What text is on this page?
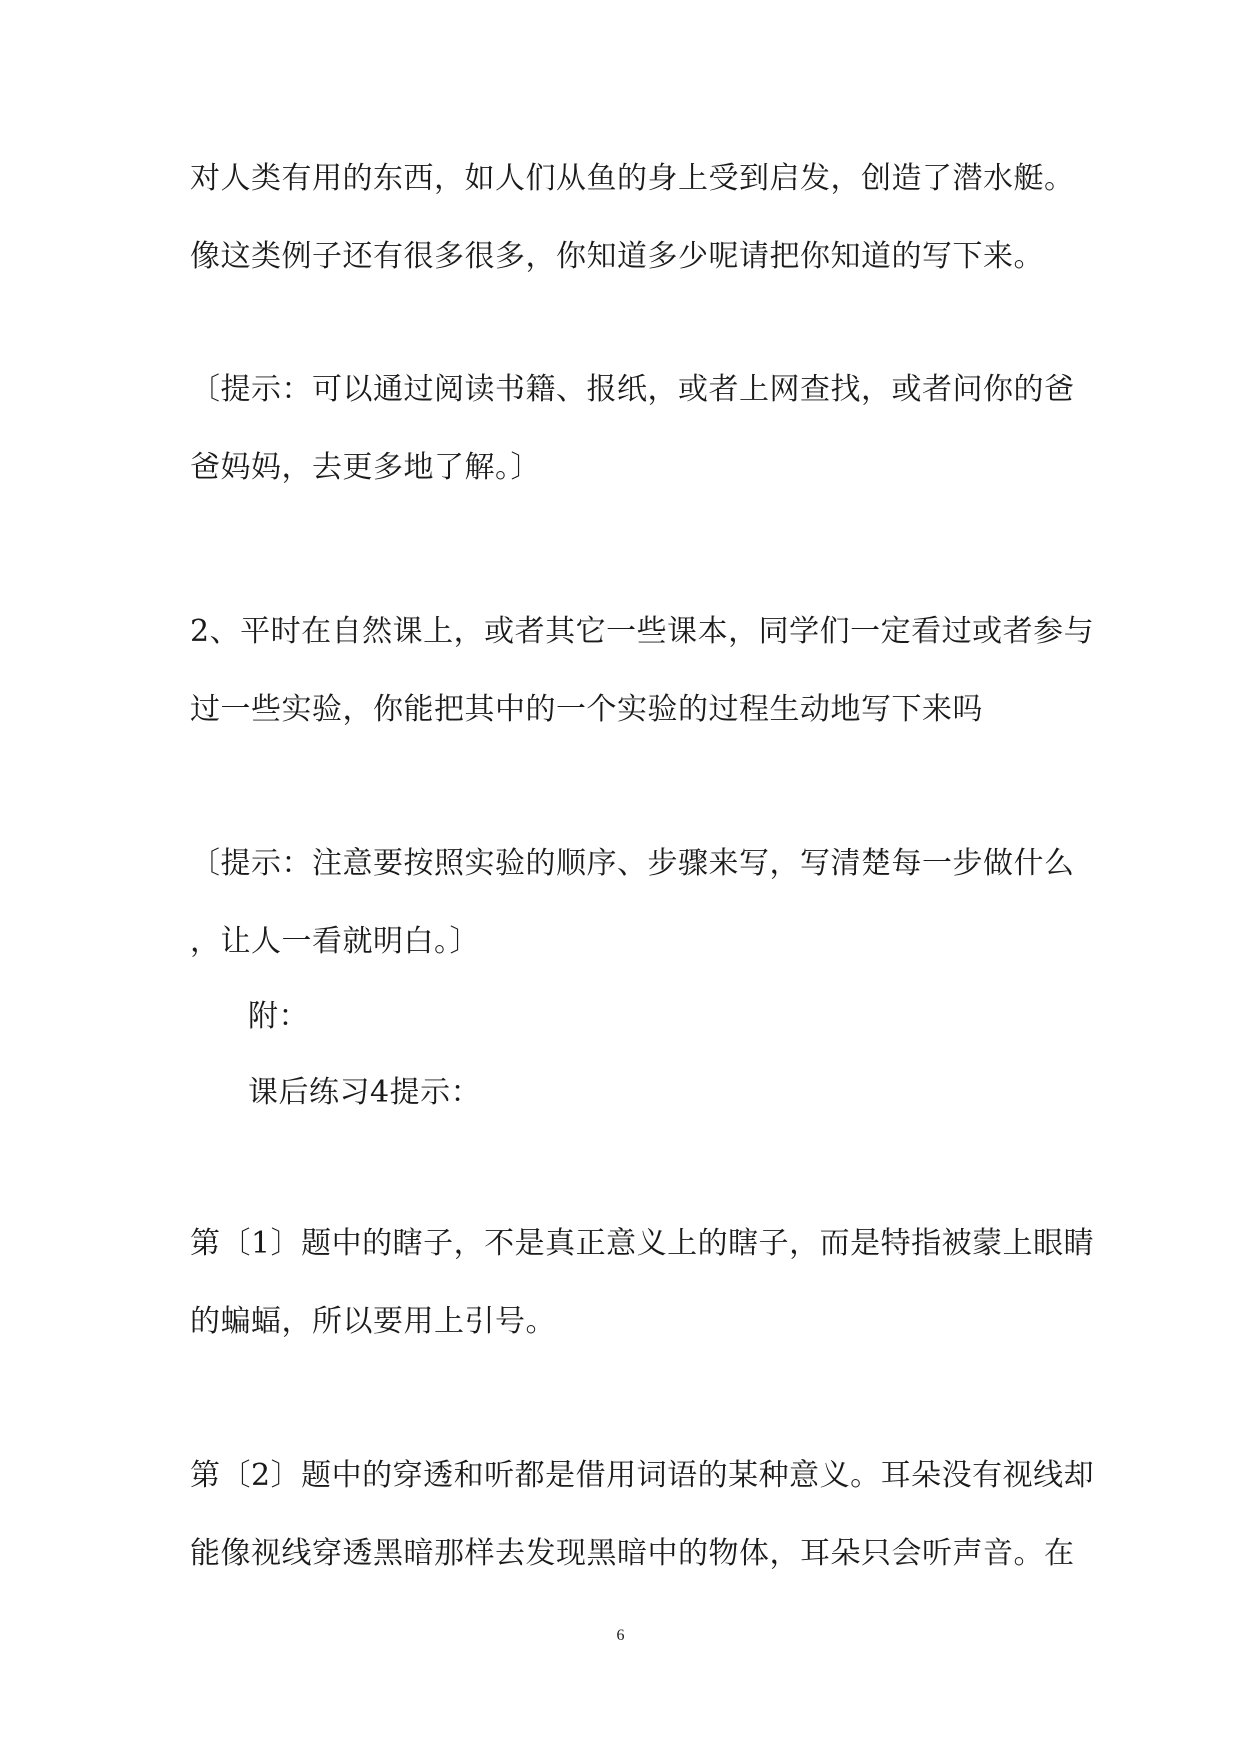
对人类有用的东西，如人们从鱼的身上受到启发，创造了潜水艇。
像这类例子还有很多很多，你知道多少呢请把你知道的写下来。
〔提示：可以通过阅读书籍、报纸，或者上网查找，或者问你的爸
爸妈妈，去更多地了解。〕
2、平时在自然课上，或者其它一些课本，同学们一定看过或者参与
过一些实验，你能把其中的一个实验的过程生动地写下来吗
〔提示：注意要按照实验的顺序、步骤来写，写清楚每一步做什么
，让人一看就明白。〕
附：
课后练习4提示：
第〔1〕题中的瞎子，不是真正意义上的瞎子，而是特指被蒙上眼睛
的蝙蝠，所以要用上引号。
第〔2〕题中的穿透和听都是借用词语的某种意义。耳朵没有视线却
能像视线穿透黑暗那样去发现黑暗中的物体，耳朵只会听声音。在
6
